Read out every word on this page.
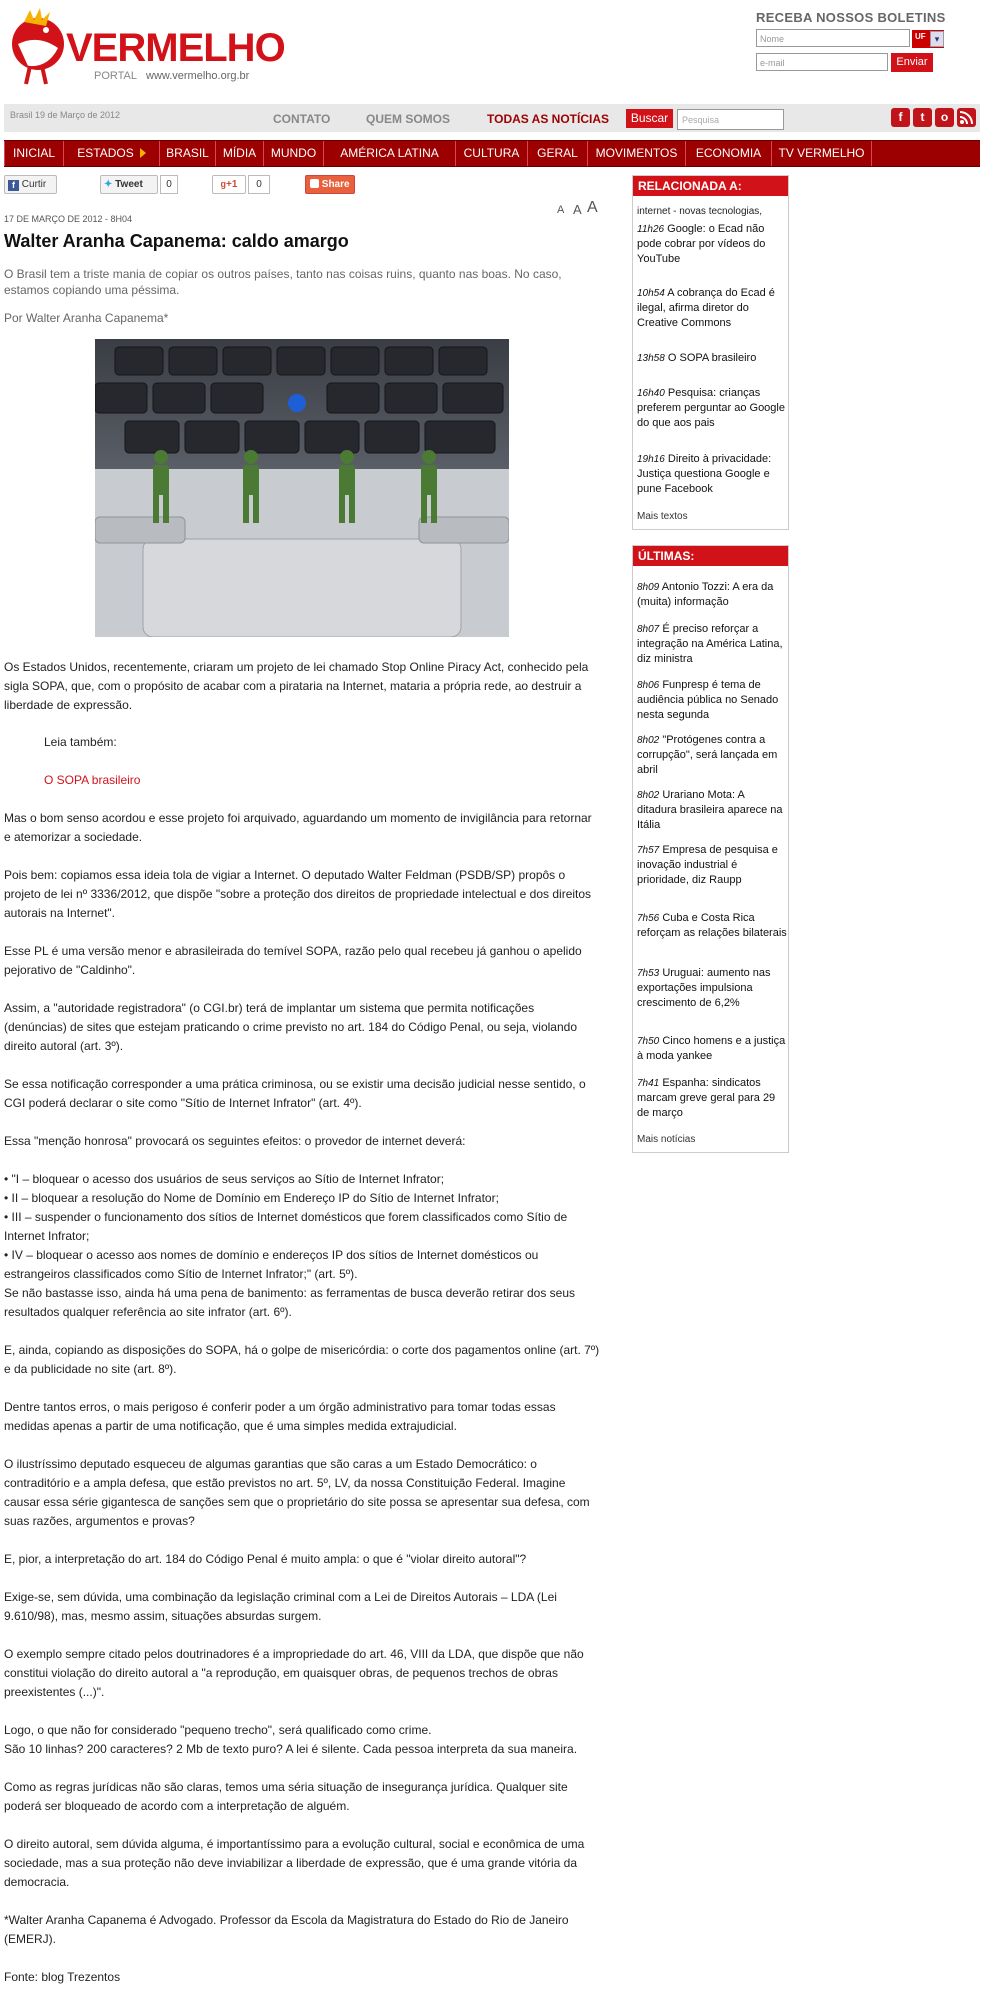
VERMELHO
PORTAL www.vermelho.org.br
RECEBA NOSSOS BOLETINS
Nome	UF	▾
e-mail	Enviar
Brasil 19 de Março de 2012	CONTATO	QUEM SOMOS	TODAS AS NOTÍCIAS	Buscar	Pesquisa	f	t	o
INICIAL	ESTADOS	BRASIL	MÍDIA	MUNDO	AMÉRICA LATINA	CULTURA	GERAL	MOVIMENTOS	ECONOMIA	TV VERMELHO
f Curtir	✦ Tweet	0	g+1	0	Share
17 DE MARÇO DE 2012 - 8H04
A A A
Walter Aranha Capanema: caldo amargo
O Brasil tem a triste mania de copiar os outros países, tanto nas coisas ruins, quanto nas boas. No caso, estamos copiando uma péssima.
Por Walter Aranha Capanema*
Os Estados Unidos, recentemente, criaram um projeto de lei chamado Stop Online Piracy Act, conhecido pela sigla SOPA, que, com o propósito de acabar com a pirataria na Internet, mataria a própria rede, ao destruir a liberdade de expressão.
Leia também:
O SOPA brasileiro
Mas o bom senso acordou e esse projeto foi arquivado, aguardando um momento de invigilância para retornar e atemorizar a sociedade.
Pois bem: copiamos essa ideia tola de vigiar a Internet. O deputado Walter Feldman (PSDB/SP) propôs o projeto de lei nº 3336/2012, que dispõe "sobre a proteção dos direitos de propriedade intelectual e dos direitos autorais na Internet".
Esse PL é uma versão menor e abrasileirada do temível SOPA, razão pelo qual recebeu já ganhou o apelido pejorativo de "Caldinho".
Assim, a "autoridade registradora" (o CGI.br) terá de implantar um sistema que permita notificações (denúncias) de sites que estejam praticando o crime previsto no art. 184 do Código Penal, ou seja, violando direito autoral (art. 3º).
Se essa notificação corresponder a uma prática criminosa, ou se existir uma decisão judicial nesse sentido, o CGI poderá declarar o site como "Sítio de Internet Infrator" (art. 4º).
Essa "menção honrosa" provocará os seguintes efeitos: o provedor de internet deverá:
• "I – bloquear o acesso dos usuários de seus serviços ao Sítio de Internet Infrator;
• II – bloquear a resolução do Nome de Domínio em Endereço IP do Sítio de Internet Infrator;
• III – suspender o funcionamento dos sítios de Internet domésticos que forem classificados como Sítio de Internet Infrator;
• IV – bloquear o acesso aos nomes de domínio e endereços IP dos sítios de Internet domésticos ou estrangeiros classificados como Sítio de Internet Infrator;" (art. 5º).
Se não bastasse isso, ainda há uma pena de banimento: as ferramentas de busca deverão retirar dos seus resultados qualquer referência ao site infrator (art. 6º).
E, ainda, copiando as disposições do SOPA, há o golpe de misericórdia: o corte dos pagamentos online (art. 7º) e da publicidade no site (art. 8º).
Dentre tantos erros, o mais perigoso é conferir poder a um órgão administrativo para tomar todas essas medidas apenas a partir de uma notificação, que é uma simples medida extrajudicial.
O ilustríssimo deputado esqueceu de algumas garantias que são caras a um Estado Democrático: o contraditório e a ampla defesa, que estão previstos no art. 5º, LV, da nossa Constituição Federal. Imagine causar essa série gigantesca de sanções sem que o proprietário do site possa se apresentar sua defesa, com suas razões, argumentos e provas?
E, pior, a interpretação do art. 184 do Código Penal é muito ampla: o que é "violar direito autoral"?
Exige-se, sem dúvida, uma combinação da legislação criminal com a Lei de Direitos Autorais – LDA (Lei 9.610/98), mas, mesmo assim, situações absurdas surgem.
O exemplo sempre citado pelos doutrinadores é a impropriedade do art. 46, VIII da LDA, que dispõe que não constitui violação do direito autoral a "a reprodução, em quaisquer obras, de pequenos trechos de obras preexistentes (...)".
Logo, o que não for considerado "pequeno trecho", será qualificado como crime.
São 10 linhas? 200 caracteres? 2 Mb de texto puro? A lei é silente. Cada pessoa interpreta da sua maneira.
Como as regras jurídicas não são claras, temos uma séria situação de insegurança jurídica. Qualquer site poderá ser bloqueado de acordo com a interpretação de alguém.
O direito autoral, sem dúvida alguma, é importantíssimo para a evolução cultural, social e econômica de uma sociedade, mas a sua proteção não deve inviabilizar a liberdade de expressão, que é uma grande vitória da democracia.
*Walter Aranha Capanema é Advogado. Professor da Escola da Magistratura do Estado do Rio de Janeiro (EMERJ).
Fonte: blog Trezentos
RELACIONADA A:
internet - novas tecnologias,
11h26 Google: o Ecad não pode cobrar por vídeos do YouTube
10h54 A cobrança do Ecad é ilegal, afirma diretor do Creative Commons
13h58 O SOPA brasileiro
16h40 Pesquisa: crianças preferem perguntar ao Google do que aos pais
19h16 Direito à privacidade: Justiça questiona Google e pune Facebook
Mais textos
ÚLTIMAS:
8h09 Antonio Tozzi: A era da (muita) informação
8h07 É preciso reforçar a integração na América Latina, diz ministra
8h06 Funpresp é tema de audiência pública no Senado nesta segunda
8h02 "Protógenes contra a corrupção", será lançada em abril
8h02 Urariano Mota: A ditadura brasileira aparece na Itália
7h57 Empresa de pesquisa e inovação industrial é prioridade, diz Raupp
7h56 Cuba e Costa Rica reforçam as relações bilaterais
7h53 Uruguai: aumento nas exportações impulsiona crescimento de 6,2%
7h50 Cinco homens e a justiça à moda yankee
7h41 Espanha: sindicatos marcam greve geral para 29 de março
Mais notícias
